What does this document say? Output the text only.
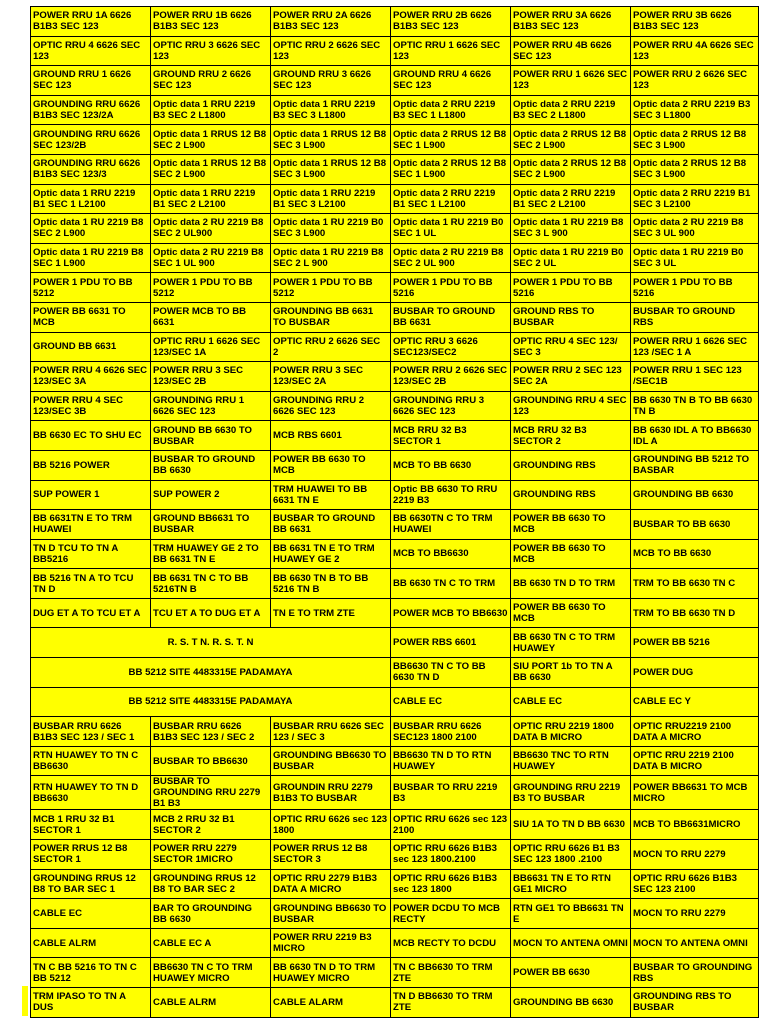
POWER RRU 1A 6626 B1B3 SEC 123	POWER RRU 1B 6626 B1B3 SEC 123	POWER RRU 2A 6626 B1B3 SEC 123	POWER RRU 2B 6626 B1B3 SEC 123	POWER RRU 3A 6626 B1B3 SEC 123	POWER RRU 3B 6626 B1B3 SEC 123
OPTIC RRU 4 6626 SEC 123	OPTIC RRU 3 6626 SEC 123	OPTIC RRU 2 6626 SEC 123	OPTIC RRU 1 6626 SEC 123	POWER RRU 4B 6626 SEC 123	POWER RRU 4A 6626 SEC 123
GROUND RRU 1 6626 SEC 123	GROUND RRU 2 6626 SEC 123	GROUND RRU 3 6626 SEC 123	GROUND RRU 4 6626 SEC 123	POWER RRU 1 6626 SEC 123	POWER RRU 2 6626 SEC 123
GROUNDING RRU 6626 B1B3 SEC 123/2A	Optic data 1 RRU 2219 B3 SEC 2 L1800	Optic data 1 RRU 2219 B3 SEC 3 L1800	Optic data 2 RRU 2219 B3 SEC 1 L1800	Optic data 2 RRU 2219 B3 SEC 2 L1800	Optic data 2 RRU 2219 B3 SEC 3 L1800
GROUNDING RRU 6626 SEC 123/2B	Optic data 1 RRUS 12 B8 SEC 2 L900	Optic data 1 RRUS 12 B8 SEC 3 L900	Optic data 2 RRUS 12 B8 SEC 1 L900	Optic data 2 RRUS 12 B8 SEC 2 L900	Optic data 2 RRUS 12 B8 SEC 3 L900
GROUNDING RRU 6626 B1B3 SEC 123/3	Optic data 1 RRUS 12 B8 SEC 2 L900	Optic data 1 RRUS 12 B8 SEC 3 L900	Optic data 2 RRUS 12 B8 SEC 1 L900	Optic data 2 RRUS 12 B8 SEC 2 L900	Optic data 2 RRUS 12 B8 SEC 3 L900
Optic data 1 RRU 2219 B1 SEC 1 L2100	Optic data 1 RRU 2219 B1 SEC 2 L2100	Optic data 1 RRU 2219 B1 SEC 3 L2100	Optic data 2 RRU 2219 B1 SEC 1 L2100	Optic data 2 RRU 2219 B1 SEC 2 L2100	Optic data 2 RRU 2219 B1 SEC 3 L2100
Optic data 1 RU 2219 B8 SEC 2 L900	Optic data 2 RU 2219 B8 SEC 2 UL900	Optic data 1 RU 2219 B0 SEC 3 L900	Optic data 1 RU 2219 B0 SEC 1 UL	Optic data 1 RU 2219 B8 SEC 3 L 900	Optic data 2 RU 2219 B8 SEC 3 UL 900
Optic data 1 RU 2219 B8 SEC 1 L900	Optic data 2 RU 2219 B8 SEC 1 UL 900	Optic data 1 RU 2219 B8 SEC 2 L 900	Optic data 2 RU 2219 B8 SEC 2 UL 900	Optic data 1 RU 2219 B0 SEC 2 UL	Optic data 1 RU 2219 B0 SEC 3 UL
POWER 1 PDU TO BB 5212	POWER 1 PDU TO BB 5212	POWER 1 PDU TO BB 5212	POWER 1 PDU TO BB 5216	POWER 1 PDU TO BB 5216	POWER 1 PDU TO BB 5216
POWER BB 6631 TO MCB	POWER MCB TO BB 6631	GROUNDING BB 6631 TO BUSBAR	BUSBAR TO GROUND BB 6631	GROUND RBS TO BUSBAR	BUSBAR TO GROUND RBS
GROUND BB 6631	OPTIC RRU 1 6626 SEC 123/SEC 1A	OPTIC RRU 2 6626 SEC 2	OPTIC RRU 3 6626 SEC123/SEC2	OPTIC RRU 4 SEC 123/ SEC 3	POWER RRU 1 6626 SEC 123 /SEC 1 A
POWER RRU 4 6626 SEC 123/SEC 3A	POWER RRU 3 SEC 123/SEC 2B	POWER RRU 3 SEC 123/SEC 2A	POWER RRU 2 6626 SEC 123/SEC 2B	POWER RRU 2 SEC 123 SEC 2A	POWER RRU 1 SEC 123 /SEC1B
POWER RRU 4 SEC 123/SEC 3B	GROUNDING RRU 1 6626 SEC 123	GROUNDING RRU 2 6626 SEC 123	GROUNDING RRU 3 6626 SEC 123	GROUNDING RRU 4 SEC 123	BB 6630 TN B TO BB 6630 TN B
BB 6630 EC TO SHU EC	GROUND BB 6630 TO BUSBAR	MCB RBS 6601	MCB RRU 32 B3 SECTOR 1	MCB RRU 32 B3 SECTOR 2	BB 6630 IDL A TO BB6630 IDL A
BB 5216 POWER	BUSBAR TO GROUND BB 6630	POWER BB 6630 TO MCB	MCB TO BB 6630	GROUNDING RBS	GROUNDING BB 5212 TO BASBAR
SUP POWER 1	SUP POWER 2	TRM HUAWEI TO BB 6631 TN E	Optic BB 6630 TO RRU 2219 B3	GROUNDING RBS	GROUNDING BB 6630
BB 6631TN E TO TRM HUAWEI	GROUND BB6631 TO BUSBAR	BUSBAR TO GROUND BB 6631	BB 6630TN C TO TRM HUAWEI	POWER BB 6630 TO MCB	BUSBAR TO BB 6630
TN D TCU TO TN A BB5216	TRM HUAWEY GE 2 TO BB 6631 TN E	BB 6631 TN E TO TRM HUAWEY GE 2	MCB TO BB6630	POWER BB 6630 TO MCB	MCB TO BB 6630
BB 5216 TN A TO TCU TN D	BB 6631 TN C TO BB 5216TN B	BB 6630 TN B TO BB 5216 TN B	BB 6630 TN C TO TRM	BB 6630 TN D TO TRM	TRM TO BB 6630 TN C
DUG ET A TO TCU ET A	TCU ET A TO DUG ET A	TN E TO TRM ZTE	POWER MCB TO BB6630	POWER BB 6630 TO MCB	TRM TO BB 6630 TN D
R. S. T N. R. S. T. N			POWER RBS 6601	BB 6630 TN C TO TRM HUAWEY	POWER BB 5216
BB 5212 SITE 4483315E PADAMAYA			BB6630 TN C TO BB 6630 TN D	SIU PORT 1b TO TN A BB 6630	POWER DUG
BB 5212 SITE 4483315E PADAMAYA			CABLE EC	CABLE EC	CABLE EC Y
BUSBAR RRU 6626 B1B3 SEC 123 / SEC 1	BUSBAR RRU 6626 B1B3 SEC 123 / SEC 2	BUSBAR RRU 6626 SEC 123 / SEC 3	BUSBAR RRU 6626 SEC123 1800 2100	OPTIC RRU 2219 1800 DATA B MICRO	OPTIC RRU2219 2100 DATA A MICRO
RTN HUAWEY TO TN C BB6630	BUSBAR TO BB6630	GROUNDING BB6630 TO BUSBAR	BB6630 TN D TO RTN HUAWEY	BB6630 TNC TO RTN HUAWEY	OPTIC RRU 2219 2100 DATA B MICRO
RTN HUAWEY TO TN D BB6630	BUSBAR TO GROUNDING RRU 2279 B1 B3	GROUNDIN RRU 2279 B1B3 TO BUSBAR	BUSBAR TO RRU 2219 B3	GROUNDING RRU 2219 B3 TO BUSBAR	POWER BB6631 TO MCB MICRO
MCB 1 RRU 32 B1 SECTOR 1	MCB 2 RRU 32 B1 SECTOR 2	OPTIC RRU 6626 sec 123 1800	OPTIC RRU 6626 sec 123 2100	SIU 1A TO TN D BB 6630	MCB TO BB6631MICRO
POWER RRUS 12 B8 SECTOR 1	POWER RRU 2279 SECTOR 1MICRO	POWER RRUS 12 B8 SECTOR 3	OPTIC RRU 6626 B1B3 sec 123 1800.2100	OPTIC RRU 6626 B1 B3 SEC 123 1800 .2100	MOCN TO RRU 2279
GROUNDING RRUS 12 B8 TO BAR SEC 1	GROUNDING RRUS 12 B8 TO BAR SEC 2	OPTIC RRU 2279 B1B3 DATA A MICRO	OPTIC RRU 6626 B1B3 sec 123 1800	BB6631 TN E TO RTN GE1 MICRO	OPTIC RRU 6626 B1B3 SEC 123 2100
CABLE EC	BAR TO GROUNDING BB 6630	GROUNDING BB6630 TO BUSBAR	POWER DCDU TO MCB RECTY	RTN GE1 TO BB6631 TN E	MOCN TO RRU 2279
CABLE ALRM	CABLE EC A	POWER RRU 2219 B3 MICRO	MCB RECTY TO DCDU	MOCN TO ANTENA OMNI	MOCN TO ANTENA OMNI
TN C BB 5216 TO TN C BB 5212	BB6630 TN C TO TRM HUAWEY MICRO	BB 6630 TN D TO TRM HUAWEY MICRO	TN C BB6630 TO TRM ZTE	POWER BB 6630	BUSBAR TO GROUNDING RBS
TRM IPASO TO TN A DUS	CABLE ALRM	CABLE ALARM	TN D BB6630 TO TRM ZTE	GROUNDING BB 6630	GROUNDING RBS TO BUSBAR
